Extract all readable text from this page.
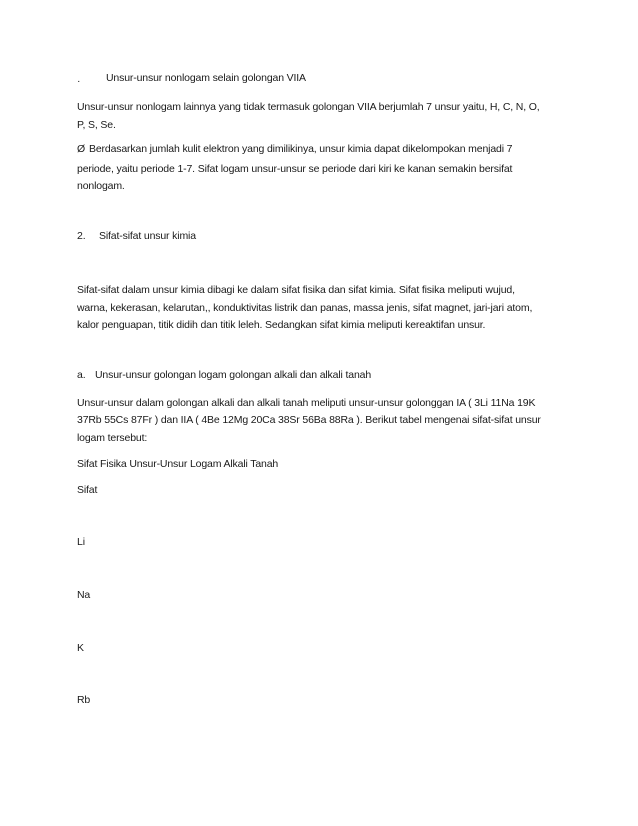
· Unsur-unsur nonlogam selain golongan VIIA
Unsur-unsur nonlogam lainnya yang tidak termasuk golongan VIIA berjumlah 7 unsur yaitu, H, C, N, O,
P, S, Se.
Ø Berdasarkan jumlah kulit elektron yang dimilikinya, unsur kimia dapat dikelompokan menjadi 7
periode, yaitu periode 1-7. Sifat logam unsur-unsur se periode dari kiri ke kanan semakin bersifat
nonlogam.
2. Sifat-sifat unsur kimia
Sifat-sifat dalam unsur kimia dibagi ke dalam sifat fisika dan sifat kimia. Sifat fisika meliputi wujud,
warna, kekerasan, kelarutan,, konduktivitas listrik dan panas, massa jenis, sifat magnet, jari-jari atom,
kalor penguapan, titik didih dan titik leleh. Sedangkan sifat kimia meliputi kereaktifan unsur.
a. Unsur-unsur golongan logam golongan alkali dan alkali tanah
Unsur-unsur dalam golongan alkali dan alkali tanah meliputi unsur-unsur golonggan IA ( 3Li 11Na 19K
37Rb 55Cs 87Fr ) dan IIA ( 4Be 12Mg 20Ca 38Sr 56Ba 88Ra ). Berikut tabel mengenai sifat-sifat unsur
logam tersebut:
Sifat Fisika Unsur-Unsur Logam Alkali Tanah
Sifat
Li
Na
K
Rb
